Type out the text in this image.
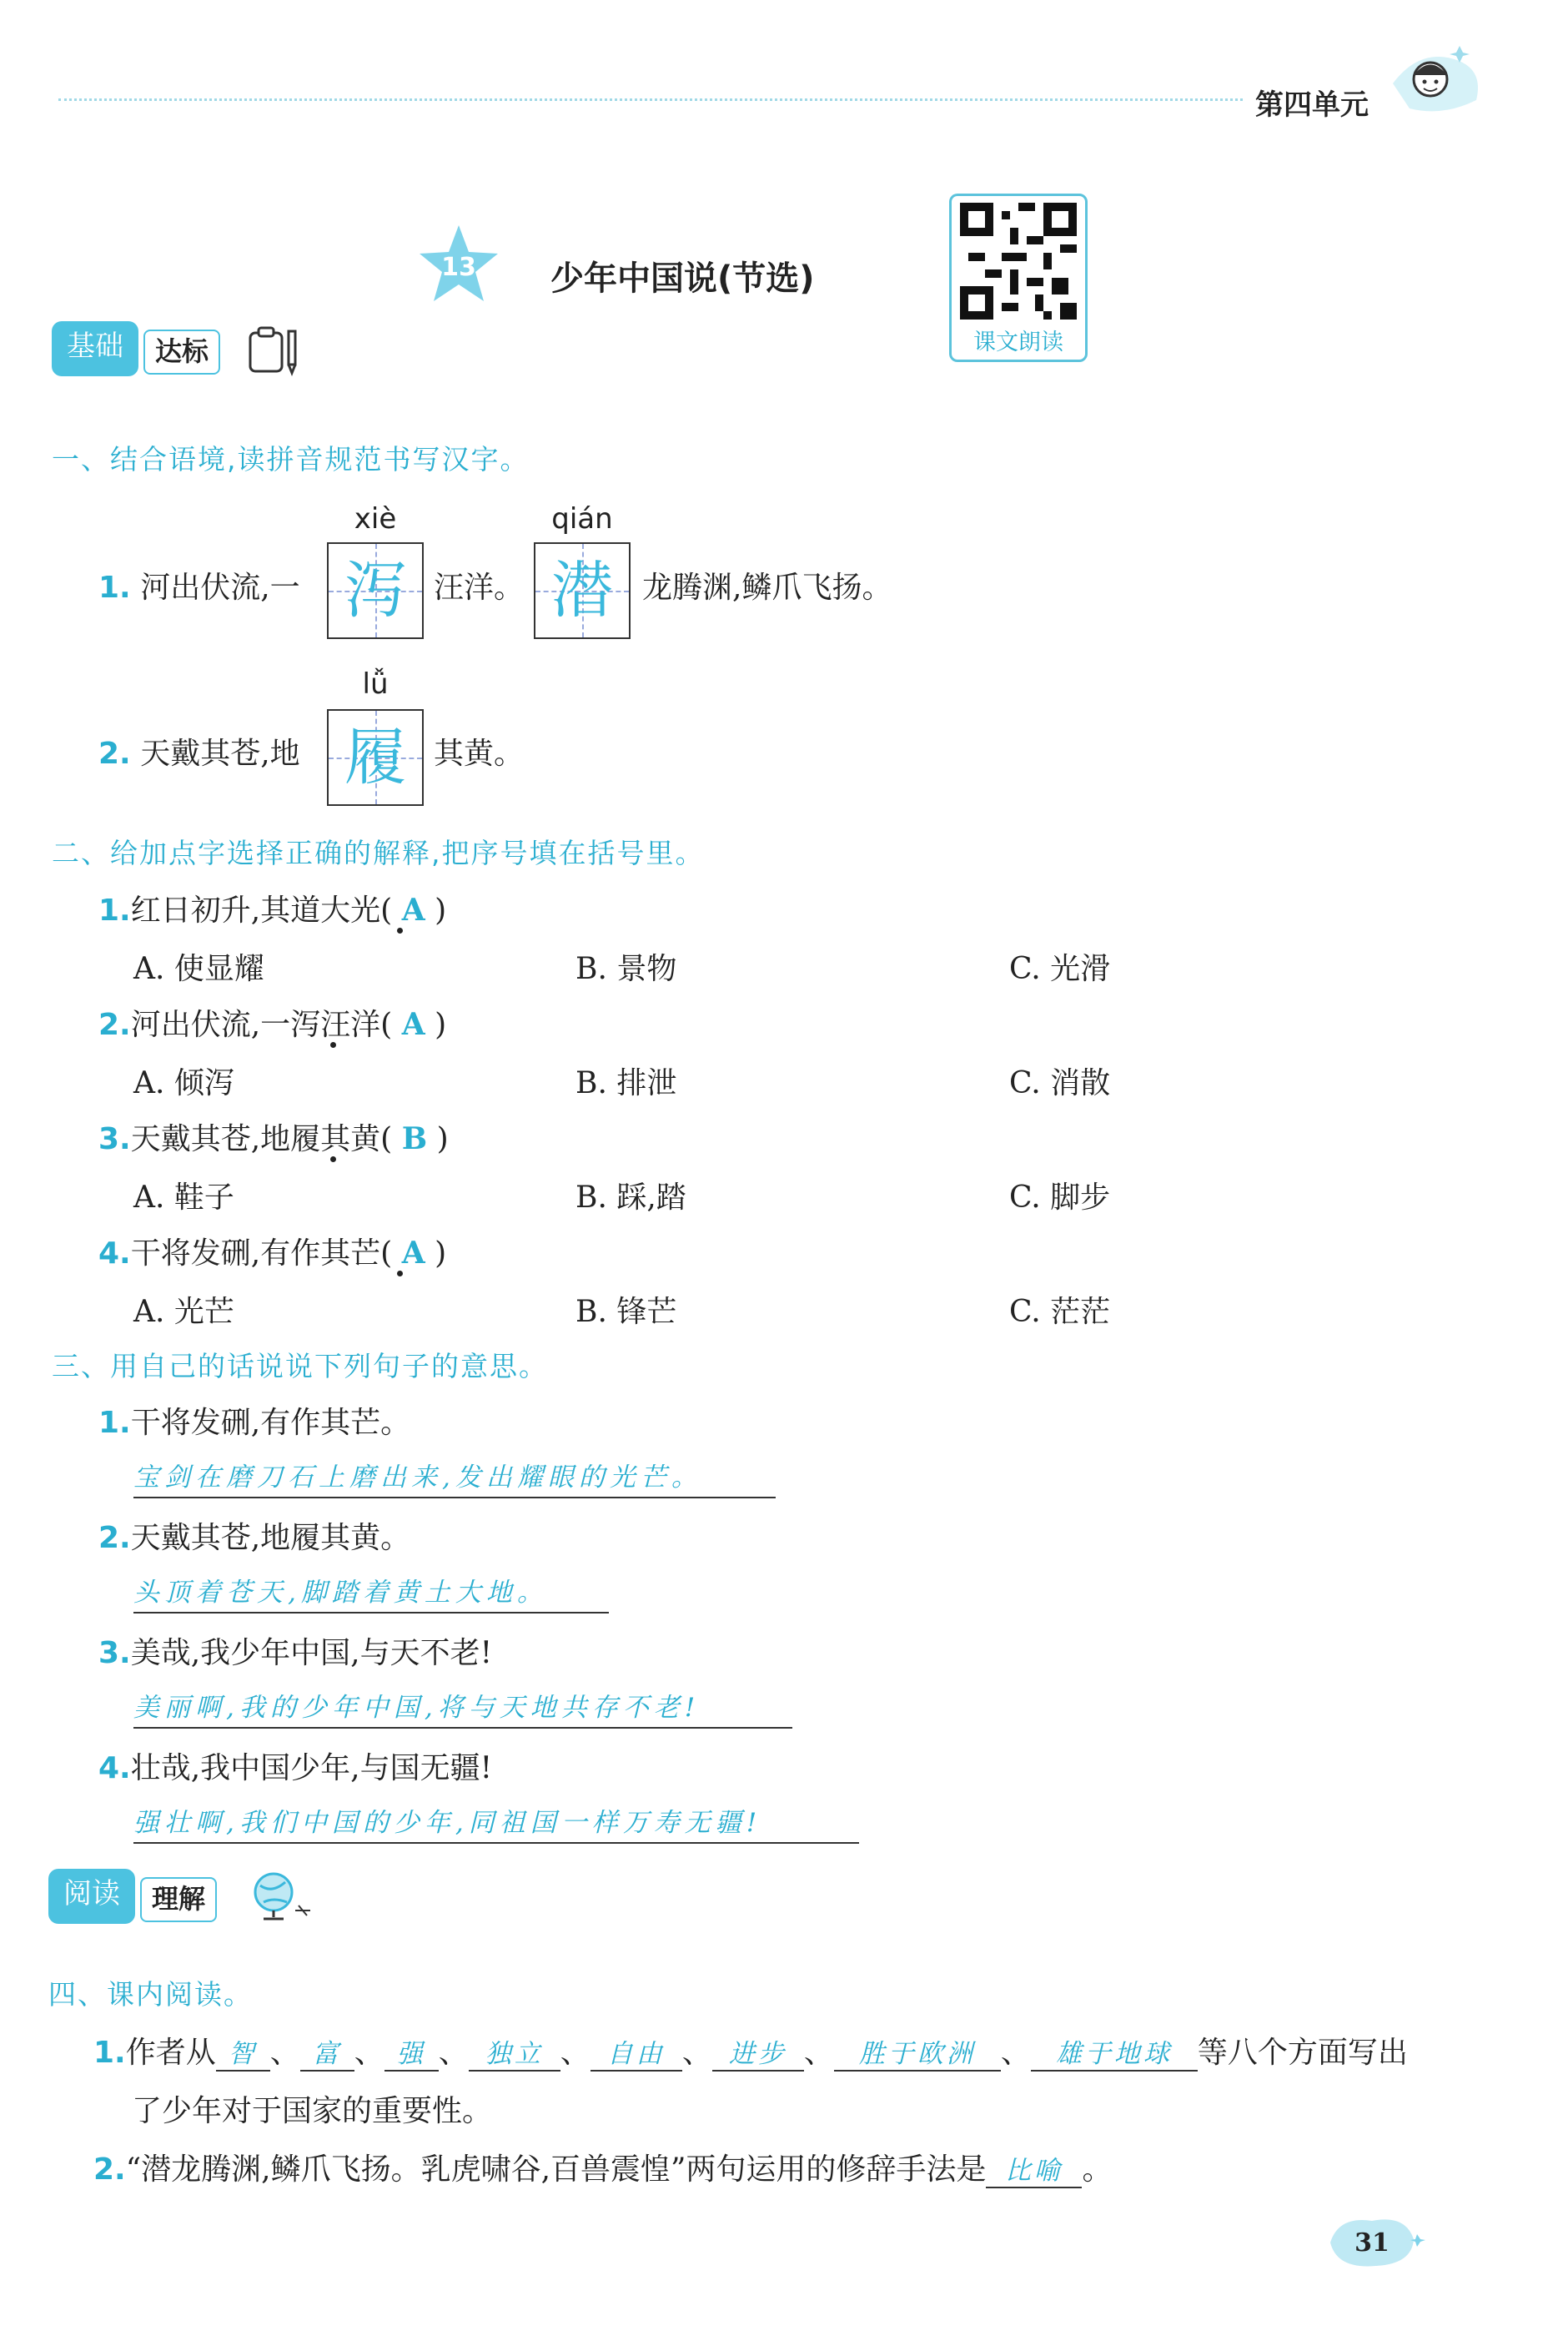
第四单元
13 少年中国说(节选)
课文朗读
基础	达标
一、结合语境,读拼音规范书写汉字。
1. 河出伏流,一
xiè
泻 汪洋。
qián
潜 龙腾渊,鳞爪飞扬。
2. 天戴其苍,地
lǚ
履 其黄。
二、给加点字选择正确的解释,把序号填在括号里。
1.红日初升,其道大光( A )
A. 使显耀	B. 景物	C. 光滑
2.河出伏流,一泻汪洋( A )
A. 倾泻	B. 排泄	C. 消散
3.天戴其苍,地履其黄( B )
A. 鞋子	B. 踩,踏	C. 脚步
4.干将发硎,有作其芒( A )
A. 光芒	B. 锋芒	C. 茫茫
三、用自己的话说说下列句子的意思。
1.干将发硎,有作其芒。
宝剑在磨刀石上磨出来,发出耀眼的光芒。
2.天戴其苍,地履其黄。
头顶着苍天,脚踏着黄土大地。
3.美哉,我少年中国,与天不老!
美丽啊,我的少年中国,将与天地共存不老!
4.壮哉,我中国少年,与国无疆!
强壮啊,我们中国的少年,同祖国一样万寿无疆!
阅读	理解
四、课内阅读。
1.作者从 智 、 富 、 强 、 独立 、 自由 、 进步 、 胜于欧洲 、 雄于地球 等八个方面写出
了少年对于国家的重要性。
2.“潜龙腾渊,鳞爪飞扬。乳虎啸谷,百兽震惶”两句运用的修辞手法是 比喻 。
31
